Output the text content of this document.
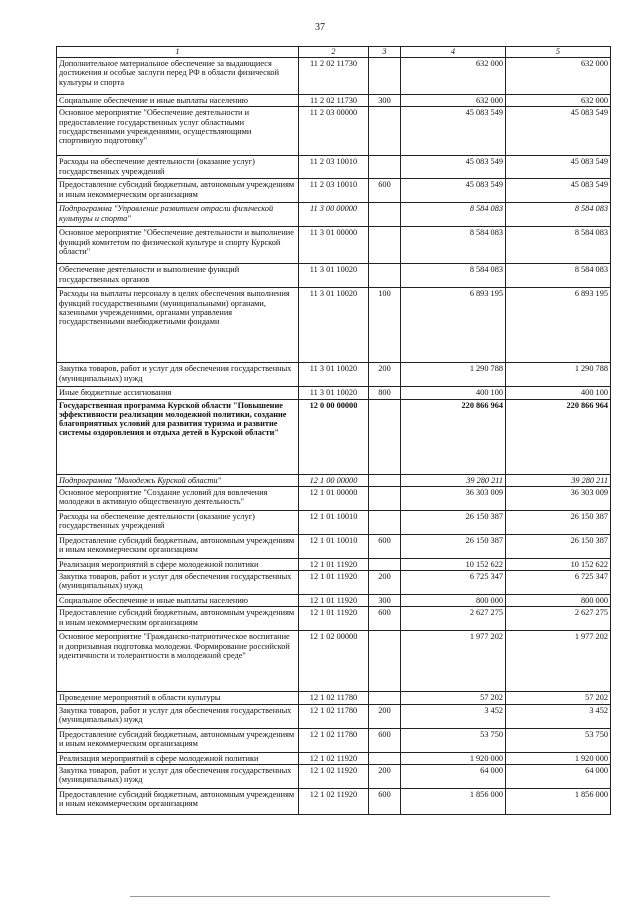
37
1	2	3	4	5
Дополнительное материальное обеспечение за выдающиеся достижения и особые заслуги перед РФ в области физической культуры и спорта	11 2 02 11730		632 000	632 000
Социальное обеспечение и иные выплаты населению	11 2 02 11730	300	632 000	632 000
Основное мероприятие "Обеспечение деятельности и предоставление государственных услуг областными государственными учреждениями, осуществляющими спортивную подготовку"	11 2 03 00000		45 083 549	45 083 549
Расходы на обеспечение деятельности (оказание услуг) государственных учреждений	11 2 03 10010		45 083 549	45 083 549
Предоставление субсидий бюджетным, автономным учреждениям и иным некоммерческим организациям	11 2 03 10010	600	45 083 549	45 083 549
Подпрограмма "Управление развитием отрасли физической культуры и спорта"	11 3 00 00000		8 584 083	8 584 083
Основное мероприятие "Обеспечение деятельности и выполнение функций комитетом по физической культуре и спорту Курской области"	11 3 01 00000		8 584 083	8 584 083
Обеспечение деятельности и выполнение функций государственных органов	11 3 01 10020		8 584 083	8 584 083
Расходы на выплаты персоналу в целях обеспечения выполнения функций государственными (муниципальными) органами, казенными учреждениями, органами управления государственными внебюджетными фондами	11 3 01 10020	100	6 893 195	6 893 195
Закупка товаров, работ и услуг для обеспечения государственных (муниципальных) нужд	11 3 01 10020	200	1 290 788	1 290 788
Иные бюджетные ассигнования	11 3 01 10020	800	400 100	400 100
Государственная программа Курской области "Повышение эффективности реализации молодежной политики, создание благоприятных условий для развития туризма и развитие системы оздоровления и отдыха детей в Курской области"	12 0 00 00000		220 866 964	220 866 964
Подпрограмма "Молодежь Курской области"	12 1 00 00000		39 280 211	39 280 211
Основное мероприятие "Создание условий для вовлечения молодежи в активную общественную деятельность"	12 1 01 00000		36 303 009	36 303 009
Расходы на обеспечение деятельности (оказание услуг) государственных учреждений	12 1 01 10010		26 150 387	26 150 387
Предоставление субсидий бюджетным, автономным учреждениям и иным некоммерческим организациям	12 1 01 10010	600	26 150 387	26 150 387
Реализация мероприятий в сфере молодежной политики	12 1 01 11920		10 152 622	10 152 622
Закупка товаров, работ и услуг для обеспечения государственных (муниципальных) нужд	12 1 01 11920	200	6 725 347	6 725 347
Социальное обеспечение и иные выплаты населению	12 1 01 11920	300	800 000	800 000
Предоставление субсидий бюджетным, автономным учреждениям и иным некоммерческим организациям	12 1 01 11920	600	2 627 275	2 627 275
Основное мероприятие "Гражданско-патриотическое воспитание и допризывная подготовка молодежи. Формирование российской идентичности и толерантности в молодежной среде"	12 1 02 00000		1 977 202	1 977 202
Проведение мероприятий в области культуры	12 1 02 11780		57 202	57 202
Закупка товаров, работ и услуг для обеспечения государственных (муниципальных) нужд	12 1 02 11780	200	3 452	3 452
Предоставление субсидий бюджетным, автономным учреждениям и иным некоммерческим организациям	12 1 02 11780	600	53 750	53 750
Реализация мероприятий в сфере молодежной политики	12 1 02 11920		1 920 000	1 920 000
Закупка товаров, работ и услуг для обеспечения государственных (муниципальных) нужд	12 1 02 11920	200	64 000	64 000
Предоставление субсидий бюджетным, автономным учреждениям и иным некоммерческим организациям	12 1 02 11920	600	1 856 000	1 856 000
